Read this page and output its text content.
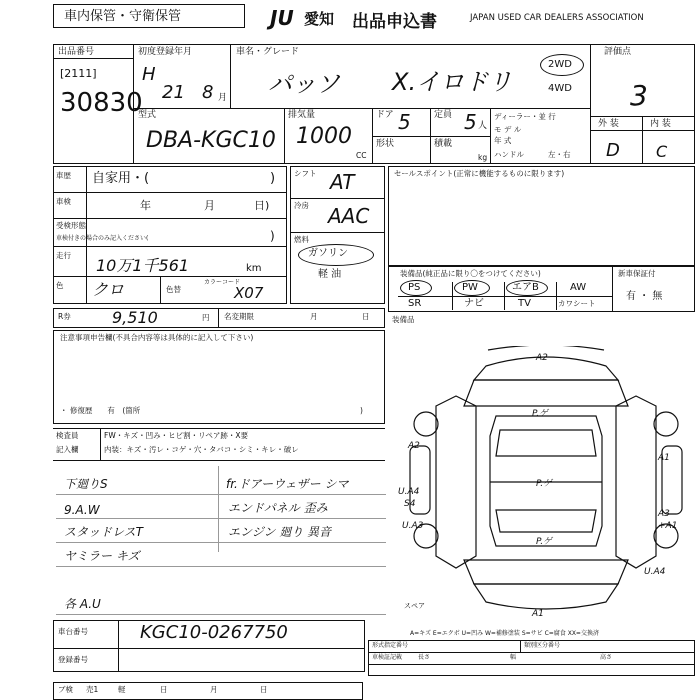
車内保管・守衛保管	JU 愛知 出品申込書	JAPAN USED CAR DEALERS ASSOCIATION
出品番号
[2111]
30830
初度登録年月
H
21 8 月
車名・グレード
パッソ X.イロドリ
2WD
4WD
評価点
3
外 装	内 装
D C
型式
DBA-KGC10
排気量
1000
CC
ドア 5
形状
定員 5 人
積載
kg
ディーラー・並 行
モ デ ル
年 式
ハンドル	左・右
車歴 自家用・(	)
車検	年	月	日)
受検形態
車検付きの場合のみ記入ください(	)
走行
10万1千561	km
色 クロ	色替
カラーコード
X07
シフト AT
冷房 AAC
燃料
ガソリン
軽 油
セールスポイント(正常に機能するものに限ります)
装備品(純正品に限り〇をつけてください)
PS	PW	エアB	AW
SR	ナビ	TV	カワシート
新車保証付
有 ・ 無
R券	9,510	円 名変期限	月	日
注意事項申告欄(不具合内容等は具体的に記入して下さい)
・ 修復歴　　有　(箇所	)
装備品
検査員
記入欄
FW・キズ・凹み・ヒビ割・リペア跡・X要
内装：キズ・汚レ・コゲ・穴・タバコ・シミ・キレ・破レ
下廻りS
9.A.W
スタッドレスT
ヤミラー キズ
各 A.U
fr.ドアーウェザー シマ
エンドパネル 歪み
エンジン 廻り 異音
A2
P.ゲ
A2
A1
U.A4
S4
U.A3
A3
+A1
P.ゲ
P.ゲ
U.A4
A1
スペア
A=キズ E=エクボ U=凹み W=補修塗装 S=サビ C=腐食 XX=交換済
車台番号	KGC10-0267750
登録番号
形式指定番号	類別区分番号
車検証記載	長さ	幅	高さ
ブ検 売1	軽	日	月	日
